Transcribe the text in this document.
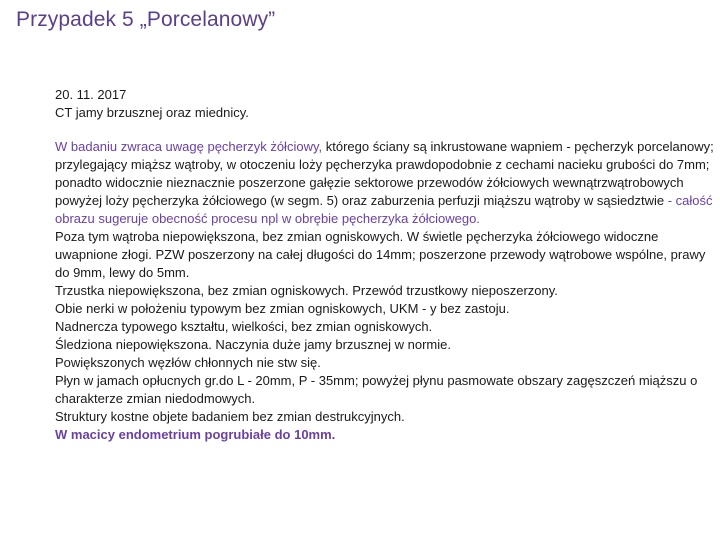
Przypadek 5 „Porcelanowy”
20. 11. 2017
CT jamy brzusznej oraz miednicy.
W badaniu zwraca uwagę pęcherzyk żółciowy, którego ściany są inkrustowane wapniem - pęcherzyk porcelanowy; przylegający miąższ wątroby, w otoczeniu loży pęcherzyka prawdopodobnie z cechami nacieku grubości do 7mm; ponadto widocznie nieznacznie poszerzone gałęzie sektorowe przewodów żółciowych wewnątrzwątrobowych powyżej loży pęcherzyka żółciowego (w segm. 5) oraz zaburzenia perfuzji miąższu wątroby w sąsiedztwie - całość obrazu sugeruje obecność procesu npl w obrębie pęcherzyka żółciowego.
Poza tym wątroba niepowiększona, bez zmian ogniskowych. W świetle pęcherzyka żółciowego widoczne uwapnione złogi. PZW poszerzony na całej długości do 14mm; poszerzone przewody wątrobowe wspólne, prawy do 9mm, lewy do 5mm.
Trzustka niepowiększona, bez zmian ogniskowych. Przewód trzustkowy nieposzerzony.
Obie nerki w położeniu typowym bez zmian ogniskowych, UKM - y bez zastoju.
Nadnercza typowego kształtu, wielkości, bez zmian ogniskowych.
Śledziona niepowiększona. Naczynia duże jamy brzusznej w normie.
Powiększonych węzłów chłonnych nie stw się.
Płyn w jamach opłucnych gr.do L - 20mm, P - 35mm; powyżej płynu pasmowate obszary zagęszczeń miąższu o charakterze zmian niedodmowych.
Struktury kostne objete badaniem bez zmian destrukcyjnych.
W macicy endometrium pogrubiałe do 10mm.
